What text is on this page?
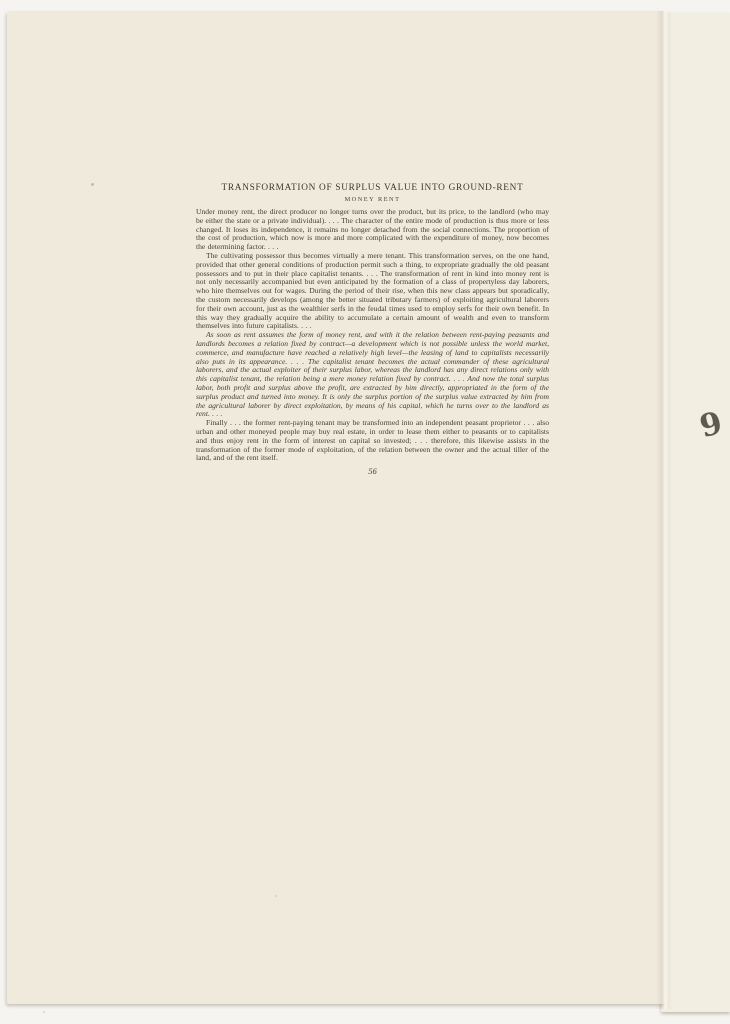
TRANSFORMATION OF SURPLUS VALUE INTO GROUND-RENT
MONEY RENT

Under money rent, the direct producer no longer turns over the product, but its price, to the landlord (who may be either the state or a private individual). . . . The character of the entire mode of production is thus more or less changed. It loses its independence, it remains no longer detached from the social connections. The proportion of the cost of production, which now is more and more complicated with the expenditure of money, now becomes the determining factor. . . .

The cultivating possessor thus becomes virtually a mere tenant. This transformation serves, on the one hand, provided that other general conditions of production permit such a thing, to expropriate gradually the old peasant possessors and to put in their place capitalist tenants. . . . The transformation of rent in kind into money rent is not only necessarily accompanied but even anticipated by the formation of a class of propertyless day laborers, who hire themselves out for wages. During the period of their rise, when this new class appears but sporadically, the custom necessarily develops (among the better situated tributary farmers) of exploiting agricultural laborers for their own account, just as the wealthier serfs in the feudal times used to employ serfs for their own benefit. In this way they gradually acquire the ability to accumulate a certain amount of wealth and even to transform themselves into future capitalists. . . .

As soon as rent assumes the form of money rent, and with it the relation between rent-paying peasants and landlords becomes a relation fixed by contract—a development which is not possible unless the world market, commerce, and manufacture have reached a relatively high level—the leasing of land to capitalists necessarily also puts in its appearance. . . . The capitalist tenant becomes the actual commander of these agricultural laborers, and the actual exploiter of their surplus labor, whereas the landlord has any direct relations only with this capitalist tenant, the relation being a mere money relation fixed by contract. . . . And now the total surplus labor, both profit and surplus above the profit, are extracted by him directly, appropriated in the form of the surplus product and turned into money. It is only the surplus portion of the surplus value extracted by him from the agricultural laborer by direct exploitation, by means of his capital, which he turns over to the landlord as rent. . . .

Finally . . . the former rent-paying tenant may be transformed into an independent peasant proprietor . . . also urban and other moneyed people may buy real estate, in order to lease them either to peasants or to capitalists and thus enjoy rent in the form of interest on capital so invested; . . . therefore, this likewise assists in the transformation of the former mode of exploitation, of the relation between the owner and the actual tiller of the land, and of the rent itself.

56
9
